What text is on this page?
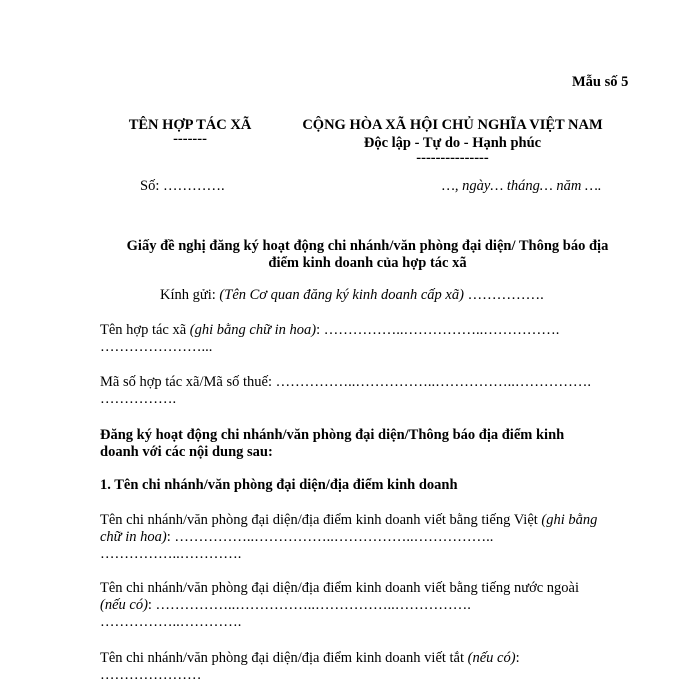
Mẫu số 5
TÊN HỢP TÁC XÃ
-------
CỘNG HÒA XÃ HỘI CHỦ NGHĨA VIỆT NAM
Độc lập - Tự do - Hạnh phúc
---------------
Số: ………….	…, ngày… tháng… năm ….
Giấy đề nghị đăng ký hoạt động chi nhánh/văn phòng đại diện/ Thông báo địa
điểm kinh doanh của hợp tác xã
Kính gửi: (Tên Cơ quan đăng ký kinh doanh cấp xã) …………….
Tên hợp tác xã (ghi bằng chữ in hoa): ……………..……………..…………….
…………………...
Mã số hợp tác xã/Mã số thuế: ……………..……………..……………..…………….
…………….
Đăng ký hoạt động chi nhánh/văn phòng đại diện/Thông báo địa điểm kinh
doanh với các nội dung sau:
1. Tên chi nhánh/văn phòng đại diện/địa điểm kinh doanh
Tên chi nhánh/văn phòng đại diện/địa điểm kinh doanh viết bằng tiếng Việt (ghi bằng
chữ in hoa): ……………..……………..……………..……………..
……………..………….
Tên chi nhánh/văn phòng đại diện/địa điểm kinh doanh viết bằng tiếng nước ngoài
(nếu có): ……………..……………..……………..…………….
……………..………….
Tên chi nhánh/văn phòng đại diện/địa điểm kinh doanh viết tắt (nếu có):
…………………
